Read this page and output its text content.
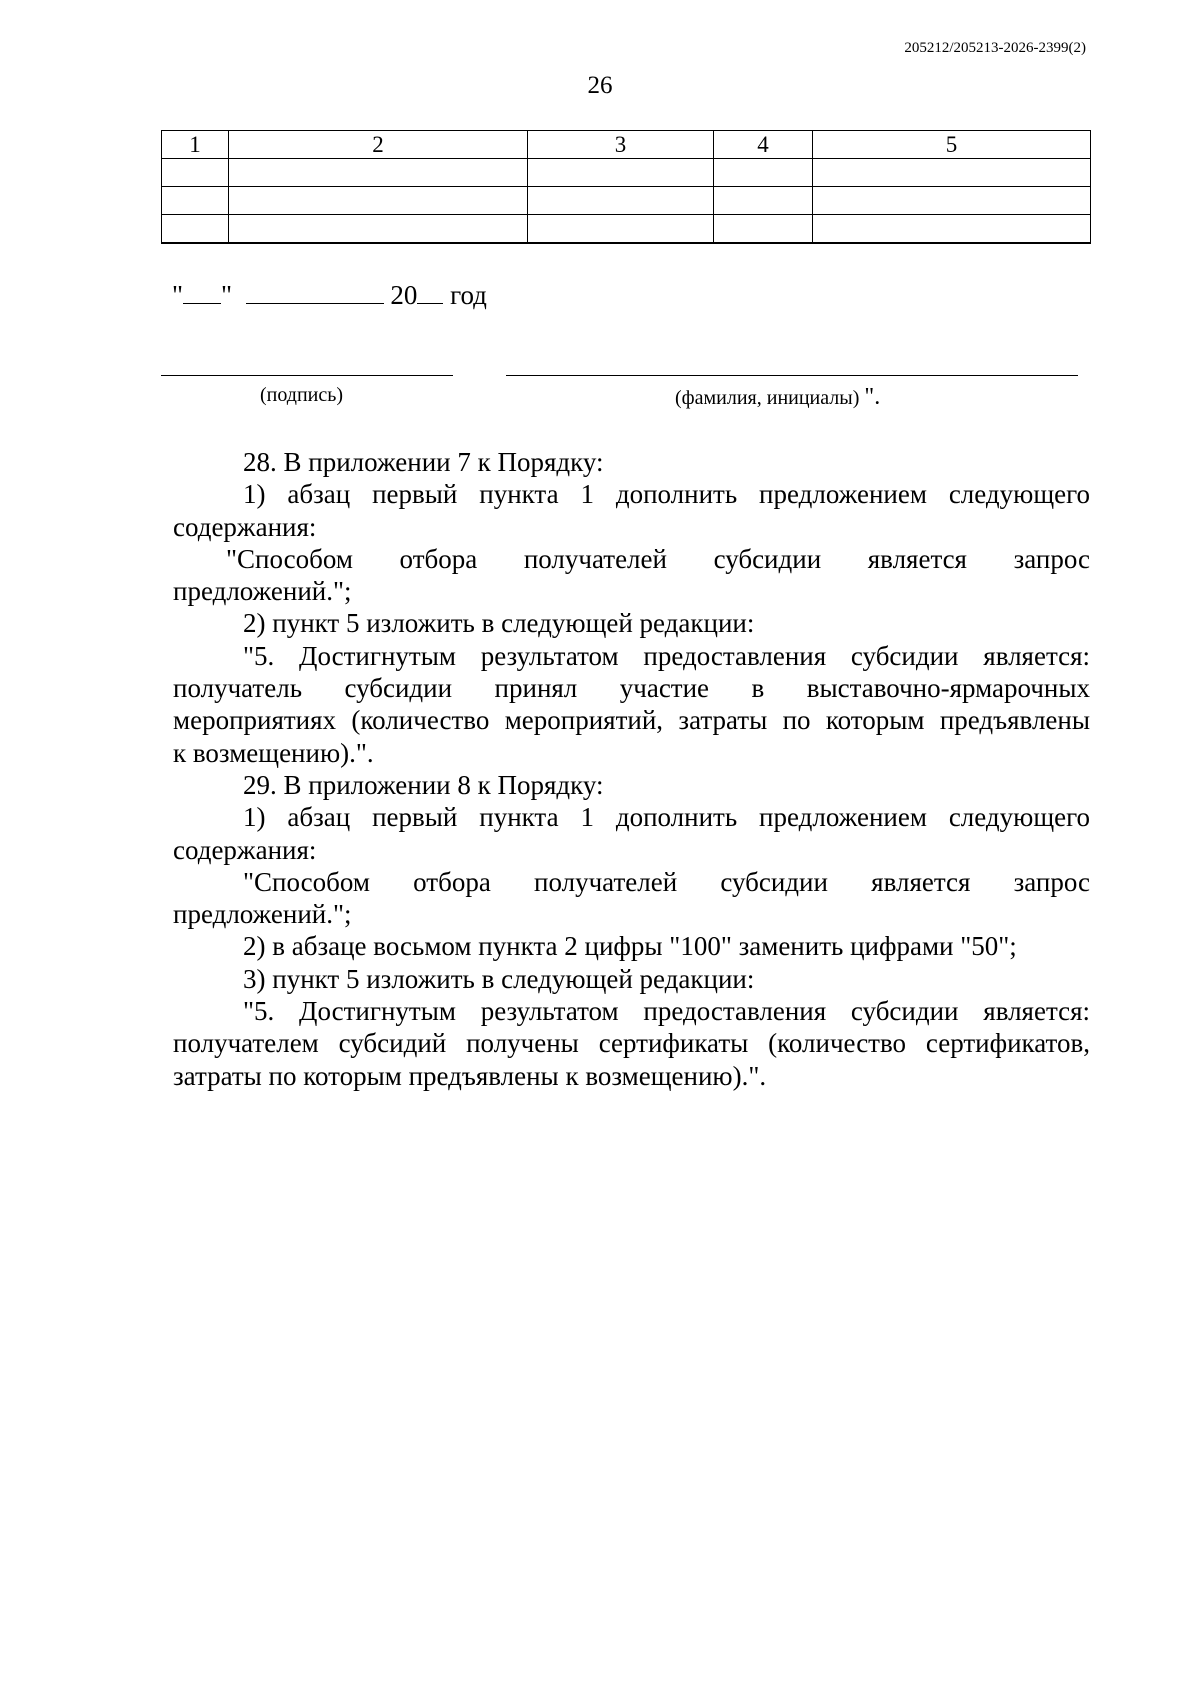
205212/205213-2026-2399(2)
26
1	2	3	4	5

" "	20 год
(подпись)	(фамилия, инициалы) ".

28. В приложении 7 к Порядку:

1) абзац первый пункта 1 дополнить предложением следующего

содержания:

"Способом отбора получателей субсидии является запрос

предложений.";

2) пункт 5 изложить в следующей редакции:

"5. Достигнутым результатом предоставления субсидии является:

получатель субсидии принял участие в выставочно-ярмарочных

мероприятиях (количество мероприятий, затраты по которым предъявлены

к возмещению).".

29. В приложении 8 к Порядку:

1) абзац первый пункта 1 дополнить предложением следующего

содержания:

"Способом отбора получателей субсидии является запрос

предложений.";

2) в абзаце восьмом пункта 2 цифры "100" заменить цифрами "50";

3) пункт 5 изложить в следующей редакции:

"5. Достигнутым результатом предоставления субсидии является:

получателем субсидий получены сертификаты (количество сертификатов,

затраты по которым предъявлены к возмещению).".
